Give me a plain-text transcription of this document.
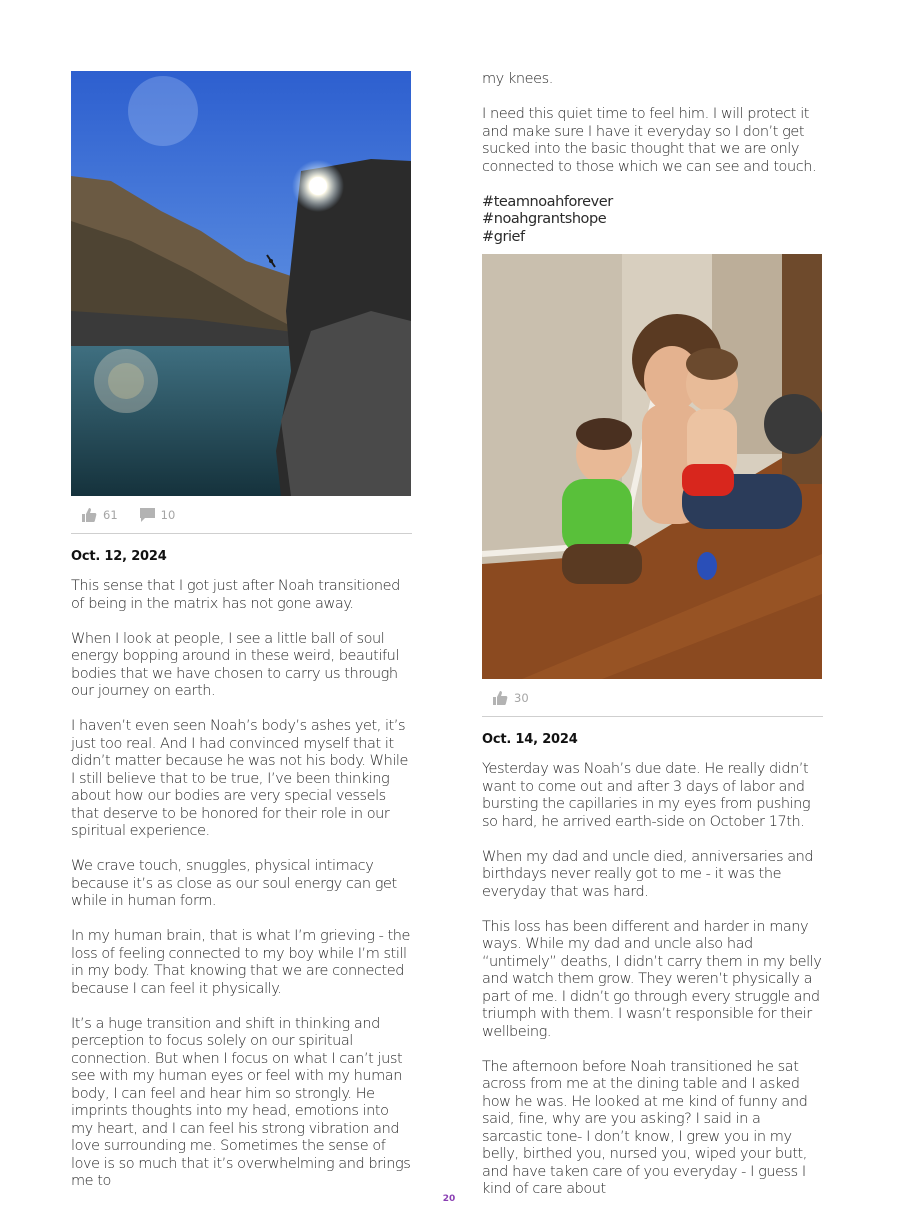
61	10
Oct. 12, 2024

This sense that I got just after Noah transitioned of being in the matrix has not gone away.

When I look at people, I see a little ball of soul energy bopping around in these weird, beautiful bodies that we have chosen to carry us through our journey on earth.

I haven’t even seen Noah’s body’s ashes yet, it’s just too real. And I had convinced myself that it didn’t matter because he was not his body. While I still believe that to be true, I’ve been thinking about how our bodies are very special vessels that deserve to be honored for their role in our spiritual experience.

We crave touch, snuggles, physical intimacy because it’s as close as our soul energy can get while in human form.

In my human brain, that is what I’m grieving - the loss of feeling connected to my boy while I’m still in my body. That knowing that we are connected because I can feel it physically.

It’s a huge transition and shift in thinking and perception to focus solely on our spiritual connection. But when I focus on what I can’t just see with my human eyes or feel with my human body, I can feel and hear him so strongly. He imprints thoughts into my head, emotions into my heart, and I can feel his strong vibration and love surrounding me. Sometimes the sense of love is so much that it’s overwhelming and brings me to

my knees.

I need this quiet time to feel him. I will protect it and make sure I have it everyday so I don’t get sucked into the basic thought that we are only connected to those which we can see and touch.

#teamnoahforever
#noahgrantshope
#grief
30
Oct. 14, 2024

Yesterday was Noah’s due date. He really didn’t want to come out and after 3 days of labor and bursting the capillaries in my eyes from pushing so hard, he arrived earth-side on October 17th.

When my dad and uncle died, anniversaries and birthdays never really got to me - it was the everyday that was hard.

This loss has been different and harder in many ways. While my dad and uncle also had “untimely” deaths, I didn’t carry them in my belly and watch them grow. They weren’t physically a part of me. I didn’t go through every struggle and triumph with them. I wasn’t responsible for their wellbeing.

The afternoon before Noah transitioned he sat across from me at the dining table and I asked how he was. He looked at me kind of funny and said, fine, why are you asking? I said in a sarcastic tone- I don’t know, I grew you in my belly, birthed you, nursed you, wiped your butt, and have taken care of you everyday - I guess I kind of care about

20
